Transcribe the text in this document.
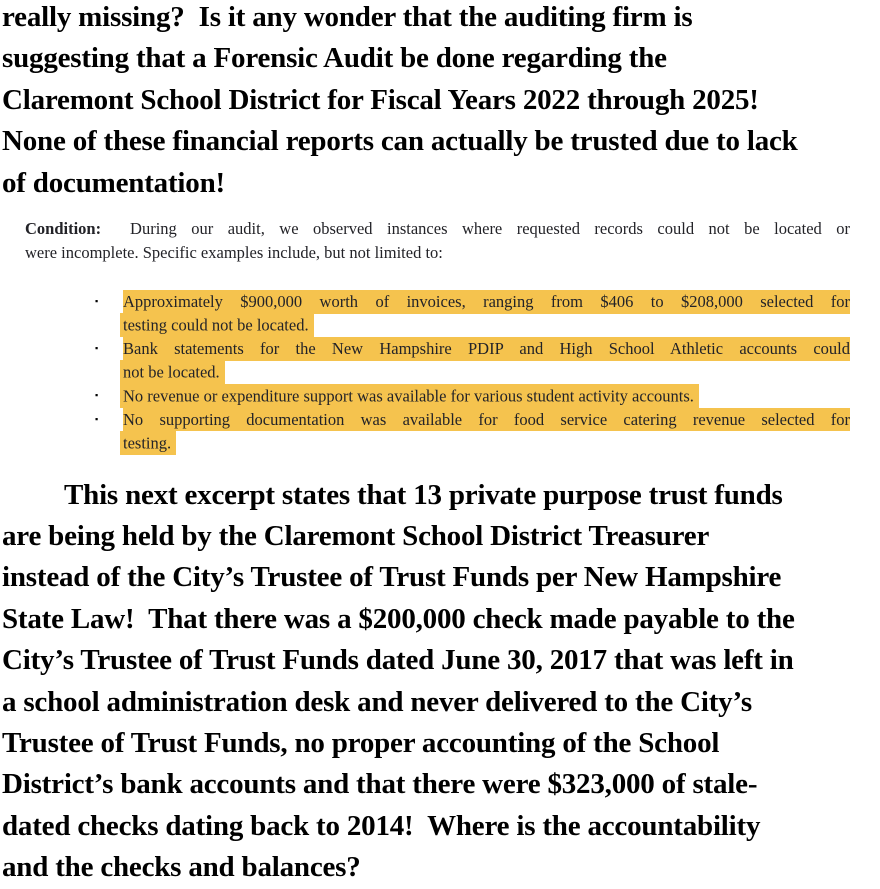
really missing?  Is it any wonder that the auditing firm is
suggesting that a Forensic Audit be done regarding the
Claremont School District for Fiscal Years 2022 through 2025!
None of these financial reports can actually be trusted due to lack
of documentation!
Condition:  During our audit, we observed instances where requested records could not be located or
were incomplete. Specific examples include, but not limited to:
▪	Approximately $900,000 worth of invoices, ranging from $406 to $208,000 selected for
testing could not be located.
▪	Bank statements for the New Hampshire PDIP and High School Athletic accounts could
not be located.
▪	No revenue or expenditure support was available for various student activity accounts.
▪	No supporting documentation was available for food service catering revenue selected for
testing.
This next excerpt states that 13 private purpose trust funds
are being held by the Claremont School District Treasurer
instead of the City’s Trustee of Trust Funds per New Hampshire
State Law!  That there was a $200,000 check made payable to the
City’s Trustee of Trust Funds dated June 30, 2017 that was left in
a school administration desk and never delivered to the City’s
Trustee of Trust Funds, no proper accounting of the School
District’s bank accounts and that there were $323,000 of stale-
dated checks dating back to 2014!  Where is the accountability
and the checks and balances?
